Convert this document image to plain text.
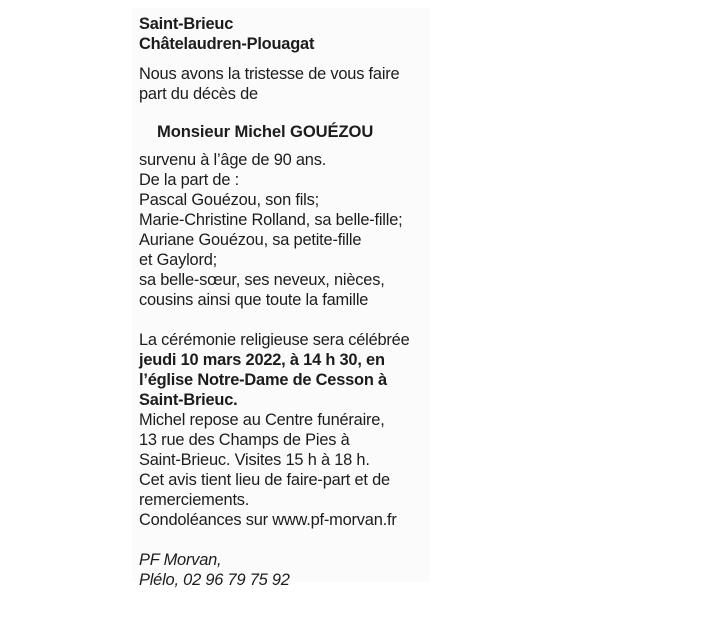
Saint-Brieuc
Châtelaudren-Plouagat
Nous avons la tristesse de vous faire
part du décès de
Monsieur Michel GOUÉZOU
survenu à l’âge de 90 ans.
De la part de :
Pascal Gouézou, son fils;
Marie-Christine Rolland, sa belle-fille;
Auriane Gouézou, sa petite-fille
et Gaylord;
sa belle-sœur, ses neveux, nièces,
cousins ainsi que toute la famille
La cérémonie religieuse sera célébrée
jeudi 10 mars 2022, à 14 h 30, en
l’église Notre-Dame de Cesson à
Saint-Brieuc.
Michel repose au Centre funéraire,
13 rue des Champs de Pies à
Saint-Brieuc. Visites 15 h à 18 h.
Cet avis tient lieu de faire-part et de
remerciements.
Condoléances sur www.pf-morvan.fr
PF Morvan,
Plélo, 02 96 79 75 92
